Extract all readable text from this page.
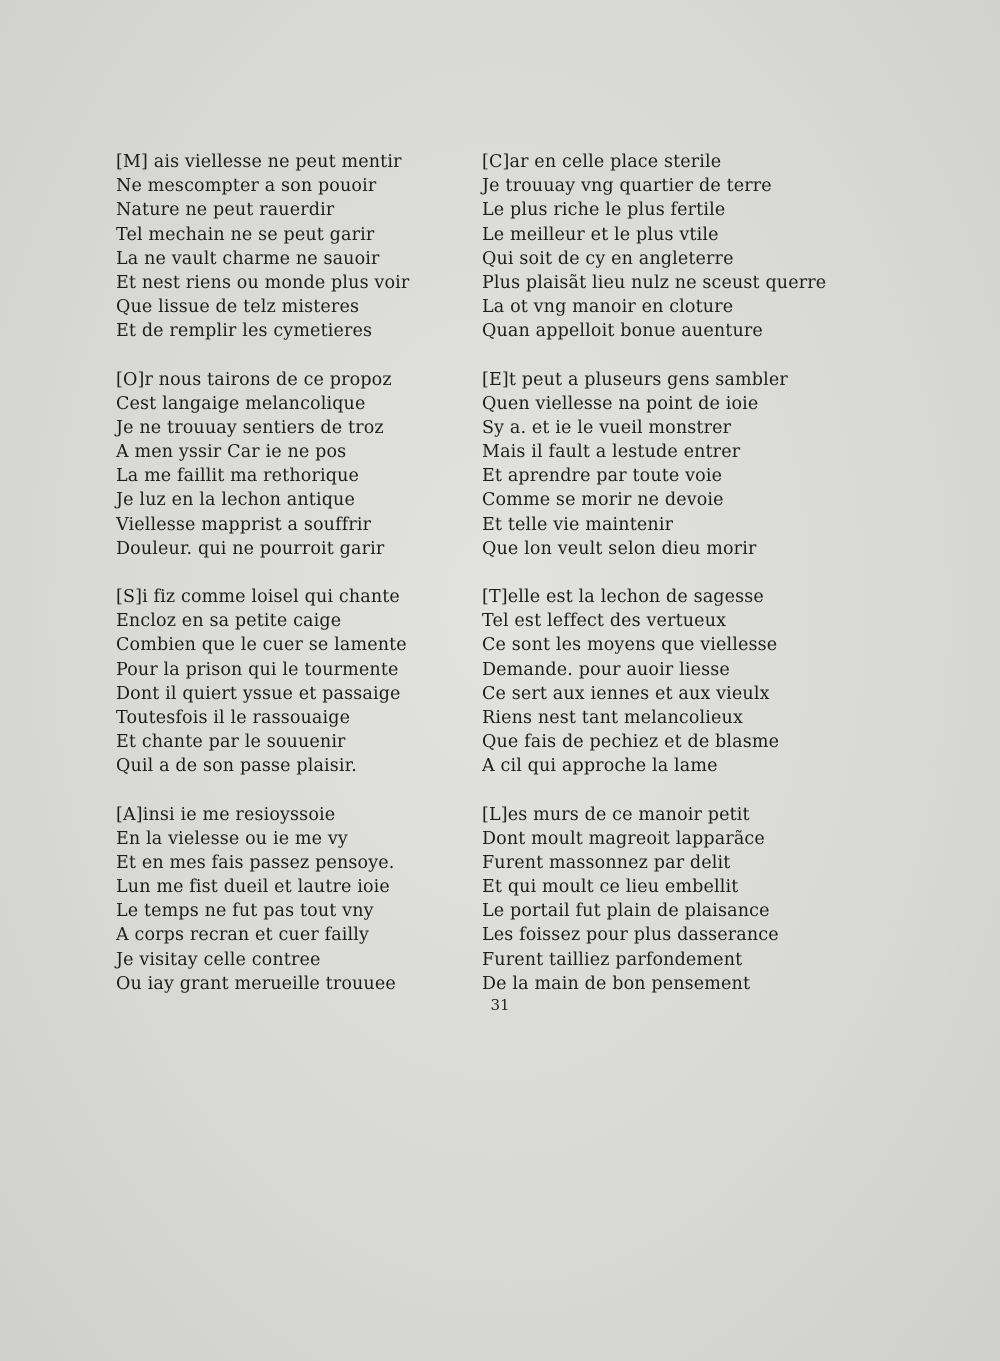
[M] ais viellesse ne peut mentir
Ne mescompter a son pouoir
Nature ne peut rauerdir
Tel mechain ne se peut garir
La ne vault charme ne sauoir
Et nest riens ou monde plus voir
Que lissue de telz misteres
Et de remplir les cymetieres
[O]r nous tairons de ce propoz
Cest langaige melancolique
Je ne trouuay sentiers de troz
A men yssir Car ie ne pos
La me faillit ma rethorique
Je luz en la lechon antique
Viellesse mapprist a souffrir
Douleur. qui ne pourroit garir
[S]i fiz comme loisel qui chante
Encloz en sa petite caige
Combien que le cuer se lamente
Pour la prison qui le tourmente
Dont il quiert yssue et passaige
Toutesfois il le rassouaige
Et chante par le souuenir
Quil a de son passe plaisir.
[A]insi ie me resioyssoie
En la vielesse ou ie me vy
Et en mes fais passez pensoye.
Lun me fist dueil et lautre ioie
Le temps ne fut pas tout vny
A corps recran et cuer failly
Je visitay celle contree
Ou iay grant merueille trouuee
[C]ar en celle place sterile
Je trouuay vng quartier de terre
Le plus riche le plus fertile
Le meilleur et le plus vtile
Qui soit de cy en angleterre
Plus plaisãt lieu nulz ne sceust querre
La ot vng manoir en cloture
Quan appelloit bonue auenture
[E]t peut a pluseurs gens sambler
Quen viellesse na point de ioie
Sy a. et ie le vueil monstrer
Mais il fault a lestude entrer
Et aprendre par toute voie
Comme se morir ne devoie
Et telle vie maintenir
Que lon veult selon dieu morir
[T]elle est la lechon de sagesse
Tel est leffect des vertueux
Ce sont les moyens que viellesse
Demande. pour auoir liesse
Ce sert aux iennes et aux vieulx
Riens nest tant melancolieux
Que fais de pechiez et de blasme
A cil qui approche la lame
[L]es murs de ce manoir petit
Dont moult magreoit lapparãce
Furent massonnez par delit
Et qui moult ce lieu embellit
Le portail fut plain de plaisance
Les foissez pour plus dasserance
Furent tailliez parfondement
De la main de bon pensement
31
